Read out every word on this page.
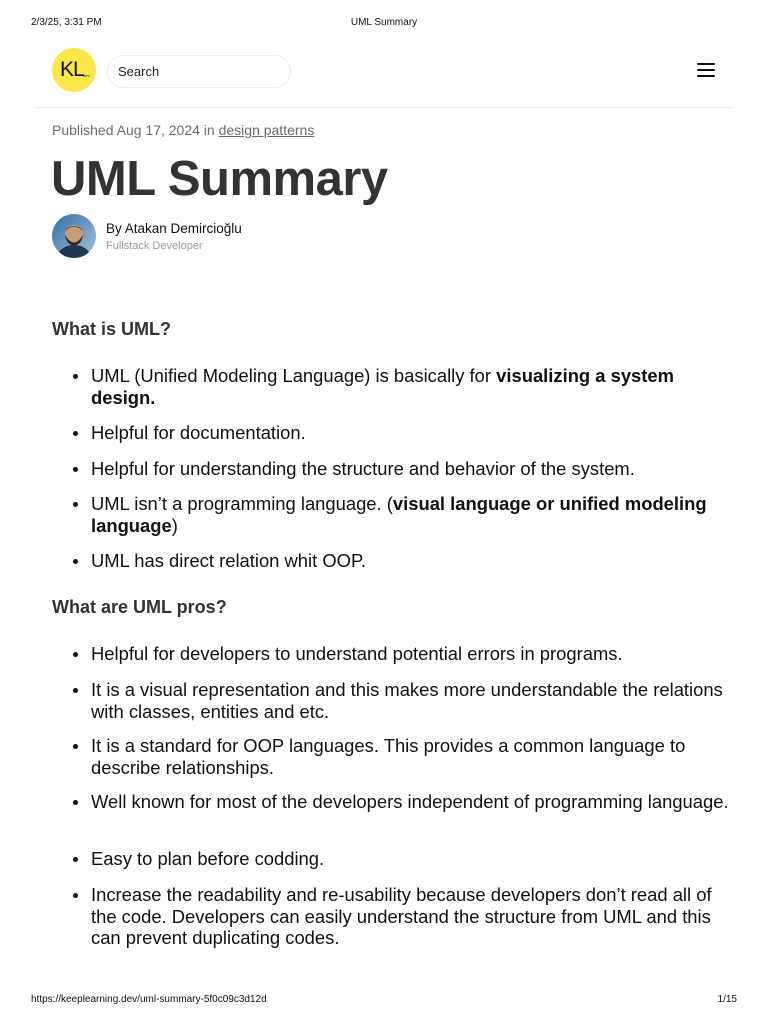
2/3/25, 3:31 PM	UML Summary
KL dev
Search
Published Aug 17, 2024 in design patterns
UML Summary
By Atakan Demircioğlu
Fullstack Developer
What is UML?
UML (Unified Modeling Language) is basically for visualizing a system design.
Helpful for documentation.
Helpful for understanding the structure and behavior of the system.
UML isn’t a programming language. (visual language or unified modeling language)
UML has direct relation whit OOP.
What are UML pros?
Helpful for developers to understand potential errors in programs.
It is a visual representation and this makes more understandable the relations with classes, entities and etc.
It is a standard for OOP languages. This provides a common language to describe relationships.
Well known for most of the developers independent of programming language.
Easy to plan before codding.
Increase the readability and re-usability because developers don’t read all of the code. Developers can easily understand the structure from UML and this can prevent duplicating codes.
https://keeplearning.dev/uml-summary-5f0c09c3d12d	1/15
